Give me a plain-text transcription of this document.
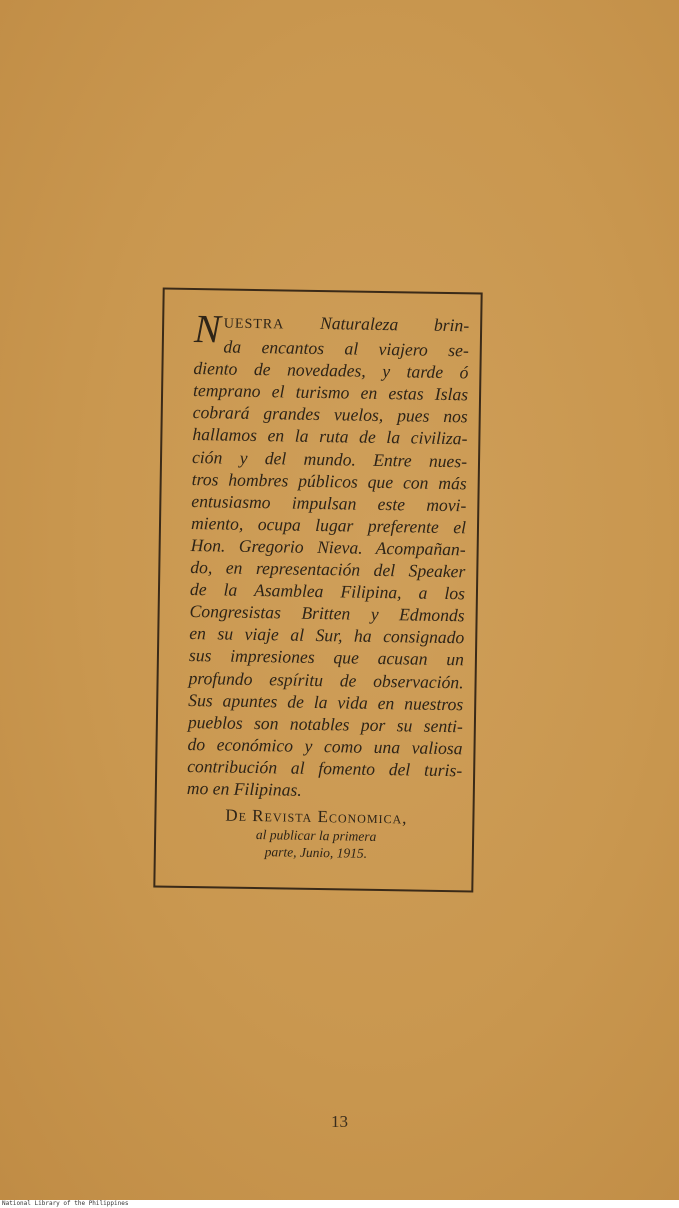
NUESTRA Naturaleza brin-
da encantos al viajero se-
diento de novedades, y tarde ó
temprano el turismo en estas Islas
cobrará grandes vuelos, pues nos
hallamos en la ruta de la civiliza-
ción y del mundo. Entre nues-
tros hombres públicos que con más
entusiasmo impulsan este movi-
miento, ocupa lugar preferente el
Hon. Gregorio Nieva. Acompañan-
do, en representación del Speaker
de la Asamblea Filipina, a los
Congresistas Britten y Edmonds
en su viaje al Sur, ha consignado
sus impresiones que acusan un
profundo espíritu de observación.
Sus apuntes de la vida en nuestros
pueblos son notables por su senti-
do económico y como una valiosa
contribución al fomento del turis-
mo en Filipinas.
De Revista Economica,
al publicar la primera
parte, Junio, 1915.
13
National Library of the Philippines
